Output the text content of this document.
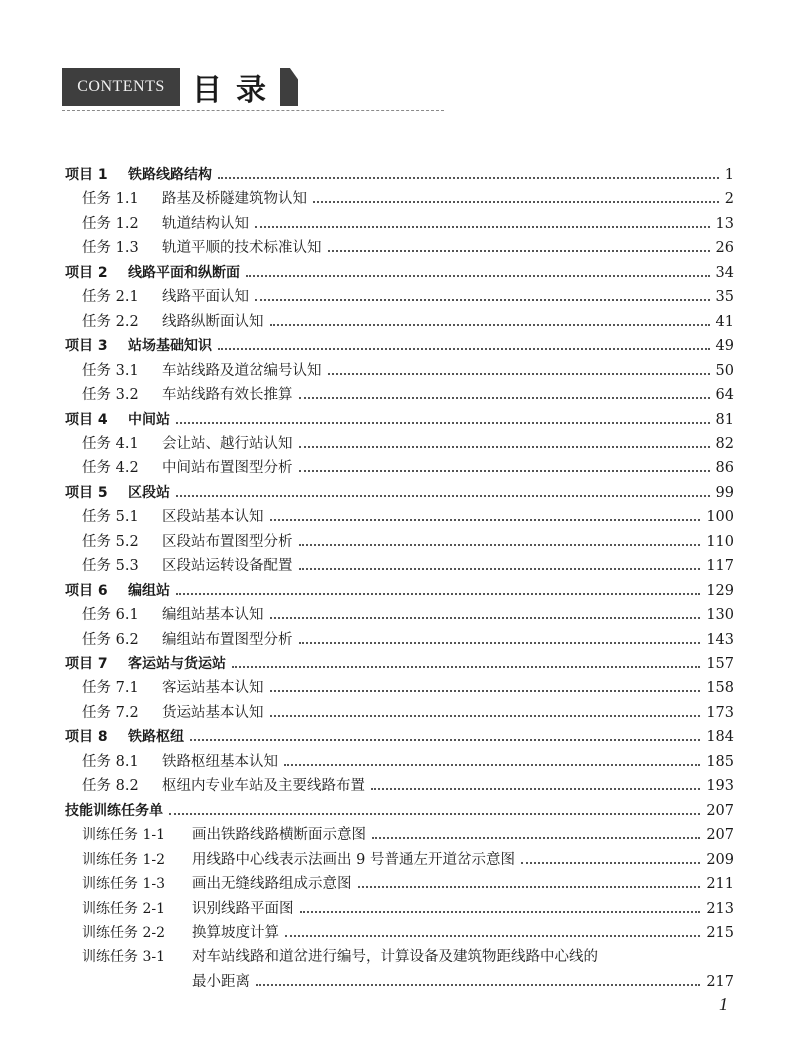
CONTENTS 目录
项目 1 铁路线路结构	1
任务 1.1 路基及桥隧建筑物认知	2
任务 1.2 轨道结构认知	13
任务 1.3 轨道平顺的技术标准认知	26
项目 2 线路平面和纵断面	34
任务 2.1 线路平面认知	35
任务 2.2 线路纵断面认知	41
项目 3 站场基础知识	49
任务 3.1 车站线路及道岔编号认知	50
任务 3.2 车站线路有效长推算	64
项目 4 中间站	81
任务 4.1 会让站、越行站认知	82
任务 4.2 中间站布置图型分析	86
项目 5 区段站	99
任务 5.1 区段站基本认知	100
任务 5.2 区段站布置图型分析	110
任务 5.3 区段站运转设备配置	117
项目 6 编组站	129
任务 6.1 编组站基本认知	130
任务 6.2 编组站布置图型分析	143
项目 7 客运站与货运站	157
任务 7.1 客运站基本认知	158
任务 7.2 货运站基本认知	173
项目 8 铁路枢纽	184
任务 8.1 铁路枢纽基本认知	185
任务 8.2 枢纽内专业车站及主要线路布置	193
技能训练任务单	207
训练任务 1-1 画出铁路线路横断面示意图	207
训练任务 1-2 用线路中心线表示法画出 9 号普通左开道岔示意图	209
训练任务 1-3 画出无缝线路组成示意图	211
训练任务 2-1 识别线路平面图	213
训练任务 2-2 换算坡度计算	215
训练任务 3-1 对车站线路和道岔进行编号，计算设备及建筑物距线路中心线的
最小距离	217
1
